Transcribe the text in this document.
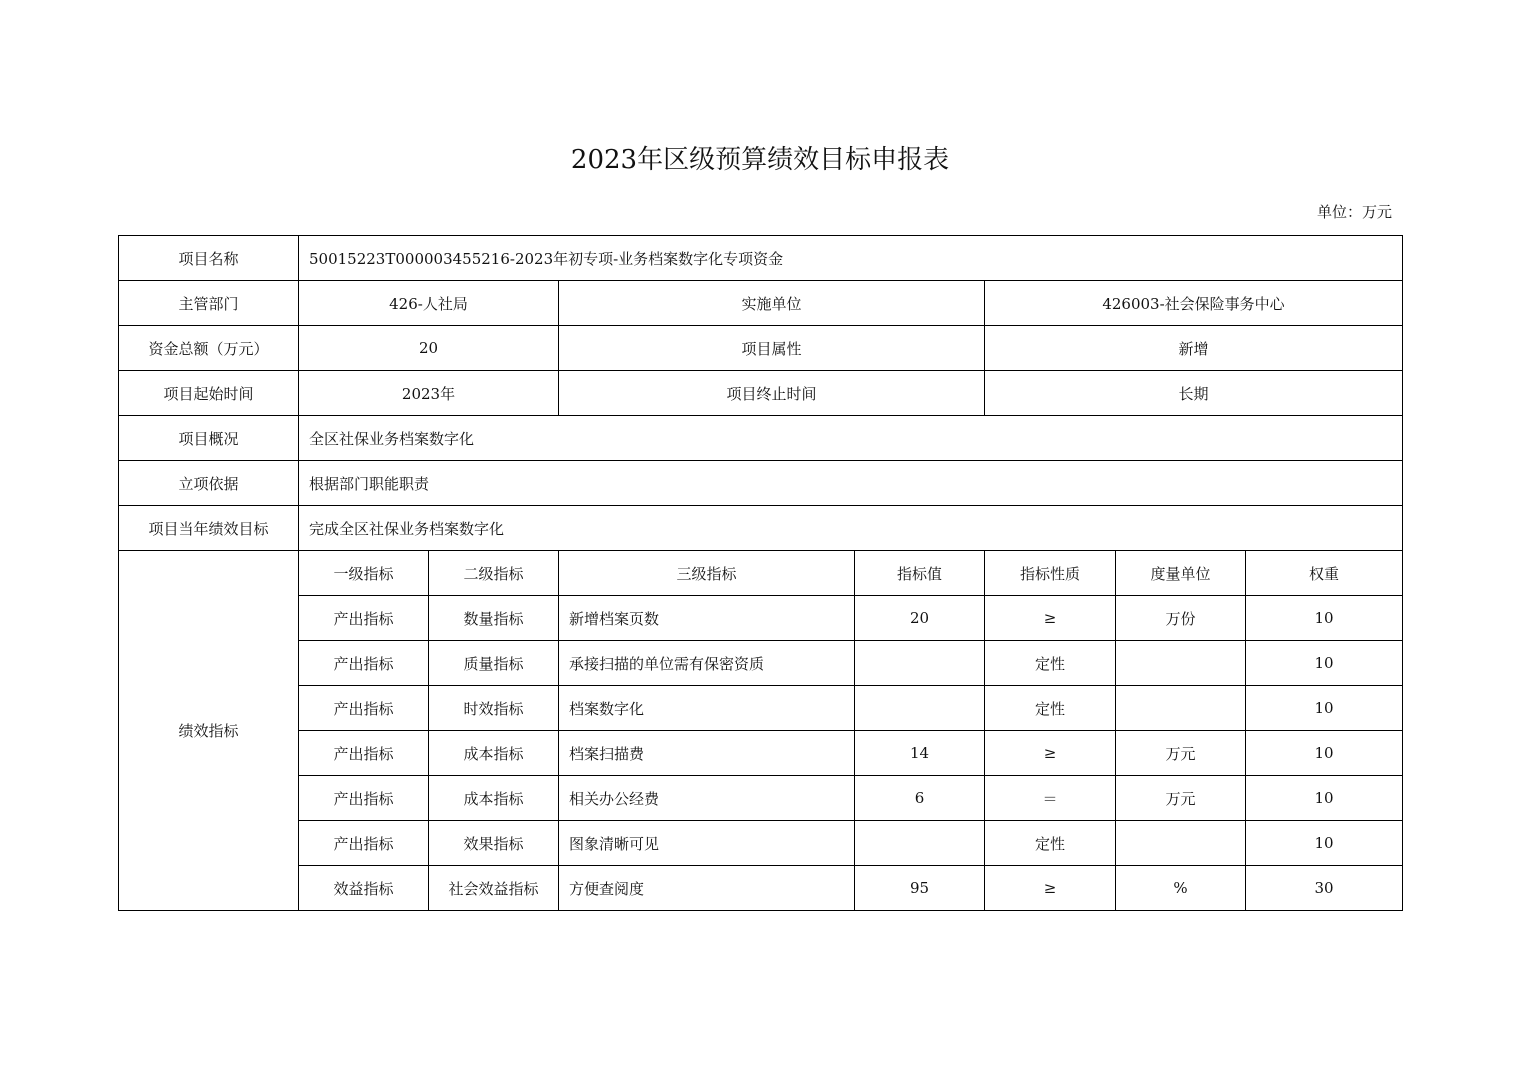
2023年区级预算绩效目标申报表
单位：万元
项目名称	50015223T000003455216-2023年初专项-业务档案数字化专项资金						
主管部门	426-人社局		实施单位		426003-社会保险事务中心		
资金总额（万元）	20		项目属性		新增		
项目起始时间	2023年		项目终止时间		长期		
项目概况	全区社保业务档案数字化						
立项依据	根据部门职能职责						
项目当年绩效目标	完成全区社保业务档案数字化						
绩效指标	一级指标	二级指标	三级指标	指标值	指标性质	度量单位	权重
	产出指标	数量指标	新增档案页数	20	≥	万份	10
	产出指标	质量指标	承接扫描的单位需有保密资质		定性		10
	产出指标	时效指标	档案数字化		定性		10
	产出指标	成本指标	档案扫描费	14	≥	万元	10
	产出指标	成本指标	相关办公经费	6	＝	万元	10
	产出指标	效果指标	图象清晰可见		定性		10
	效益指标	社会效益指标	方便查阅度	95	≥	%	30
